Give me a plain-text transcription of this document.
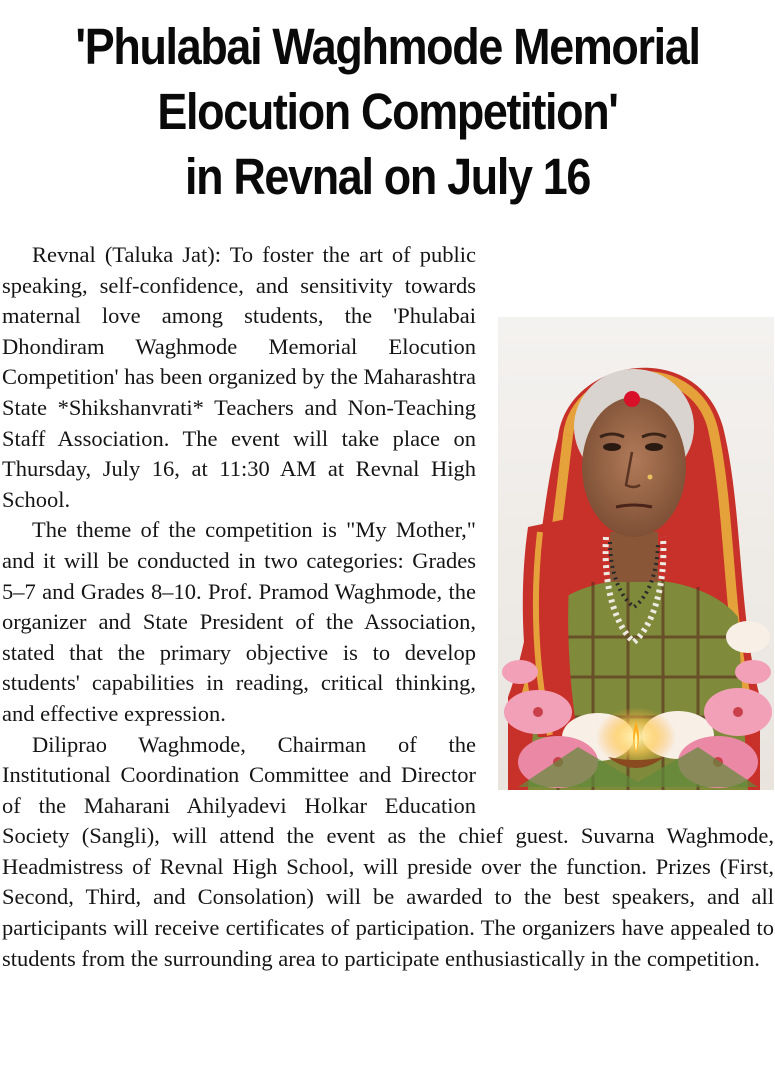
'Phulabai Waghmode Memorial
Elocution Competition'
in Revnal on July 16

Revnal (Taluka Jat): To foster the art of public speaking, self-confidence, and sensitivity towards maternal love among students, the 'Phulabai Dhondiram Waghmode Memorial Elocution Competition' has been organized by the Maharashtra State *Shikshanvrati* Teachers and Non-Teaching Staff Association. The event will take place on Thursday, July 16, at 11:30 AM at Revnal High School.

The theme of the competition is "My Mother," and it will be conducted in two categories: Grades 5–7 and Grades 8–10. Prof. Pramod Waghmode, the organizer and State President of the Association, stated that the primary objective is to develop students' capabilities in reading, critical thinking, and effective expression.

Diliprao Waghmode, Chairman of the Institutional Coordination Committee and Director of the Maharani Ahilyadevi Holkar Education Society (Sangli), will attend the event as the chief guest. Suvarna Waghmode, Headmistress of Revnal High School, will preside over the function. Prizes (First, Second, Third, and Consolation) will be awarded to the best speakers, and all participants will receive certificates of participation. The organizers have appealed to students from the surrounding area to participate enthusiastically in the competition.
